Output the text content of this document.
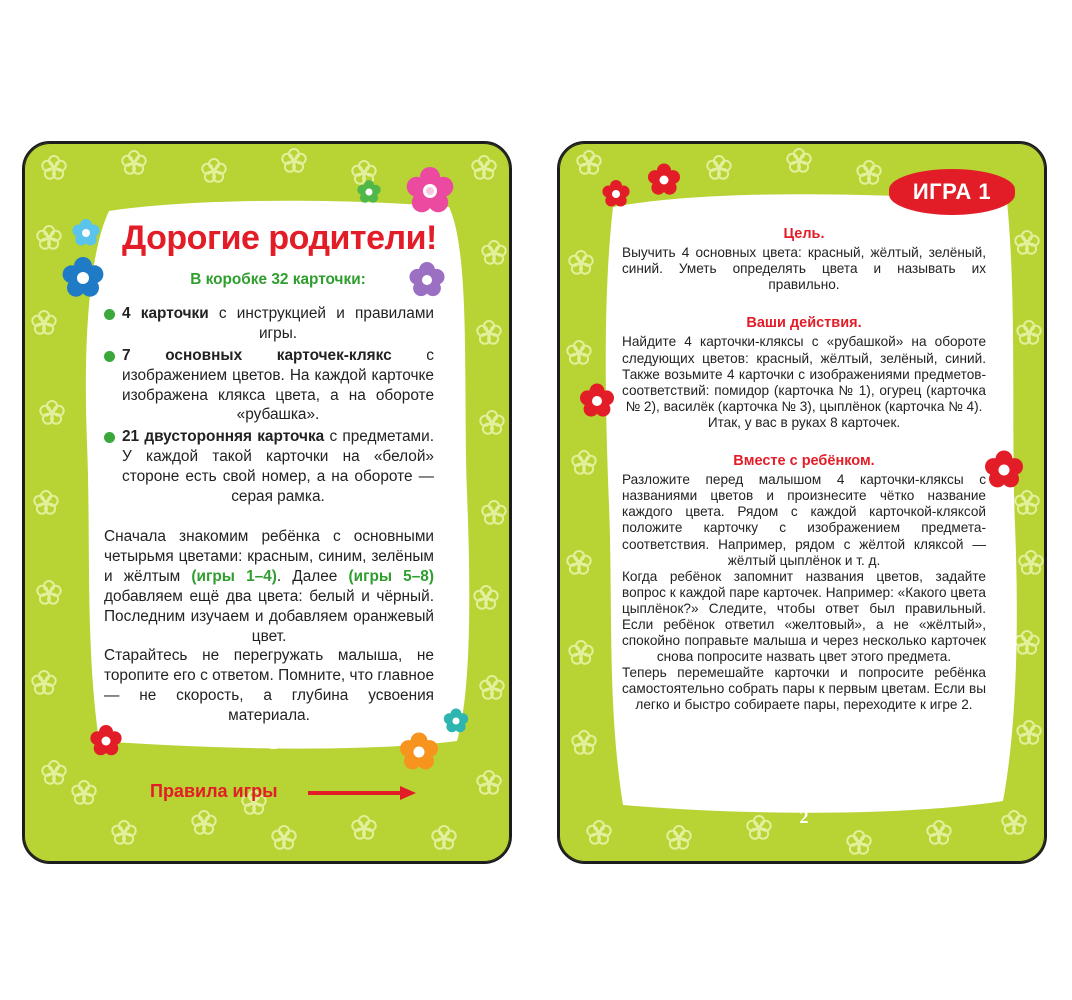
Дорогие родители!
В коробке 32 карточки:
4 карточки с инструкцией и правилами игры.
7 основных карточек-клякс с изображением цветов. На каждой карточке изображена клякса цвета, а на обороте «рубашка».
21 двусторонняя карточка с предметами. У каждой такой карточки на «белой» стороне есть свой номер, а на обороте — серая рамка.

Сначала знакомим ребёнка с основными четырьмя цветами: красным, синим, зелёным и жёлтым (игры 1–4). Далее (игры 5–8) добавляем ещё два цвета: белый и чёрный. Последним изучаем и добавляем оранжевый цвет.

Старайтесь не перегружать малыша, не торопите его с ответом. Помните, что главное — не скорость, а глубина усвоения материала.

1
Правила игры
ИГРА 1
Цель.
Выучить 4 основных цвета: красный, жёлтый, зелёный, синий. Уметь определять цвета и называть их правильно.
Ваши действия.
Найдите 4 карточки-кляксы с «рубашкой» на обороте следующих цветов: красный, жёлтый, зелёный, синий. Также возьмите 4 карточки с изображениями предметов-соответствий: помидор (карточка № 1), огурец (карточка № 2), василёк (карточка № 3), цыплёнок (карточка № 4).
Итак, у вас в руках 8 карточек.
Вместе с ребёнком.
Разложите перед малышом 4 карточки-кляксы с названиями цветов и произнесите чётко название каждого цвета. Рядом с каждой карточкой-кляксой положите карточку с изображением предмета-соответствия. Например, рядом с жёлтой кляксой — жёлтый цыплёнок и т. д.
Когда ребёнок запомнит названия цветов, задайте вопрос к каждой паре карточек. Например: «Какого цвета цыплёнок?» Следите, чтобы ответ был правильный. Если ребёнок ответил «желтовый», а не «жёлтый», спокойно поправьте малыша и через несколько карточек снова попросите назвать цвет этого предмета.
Теперь перемешайте карточки и попросите ребёнка самостоятельно собрать пары к первым цветам. Если вы легко и быстро собираете пары, переходите к игре 2.
2
